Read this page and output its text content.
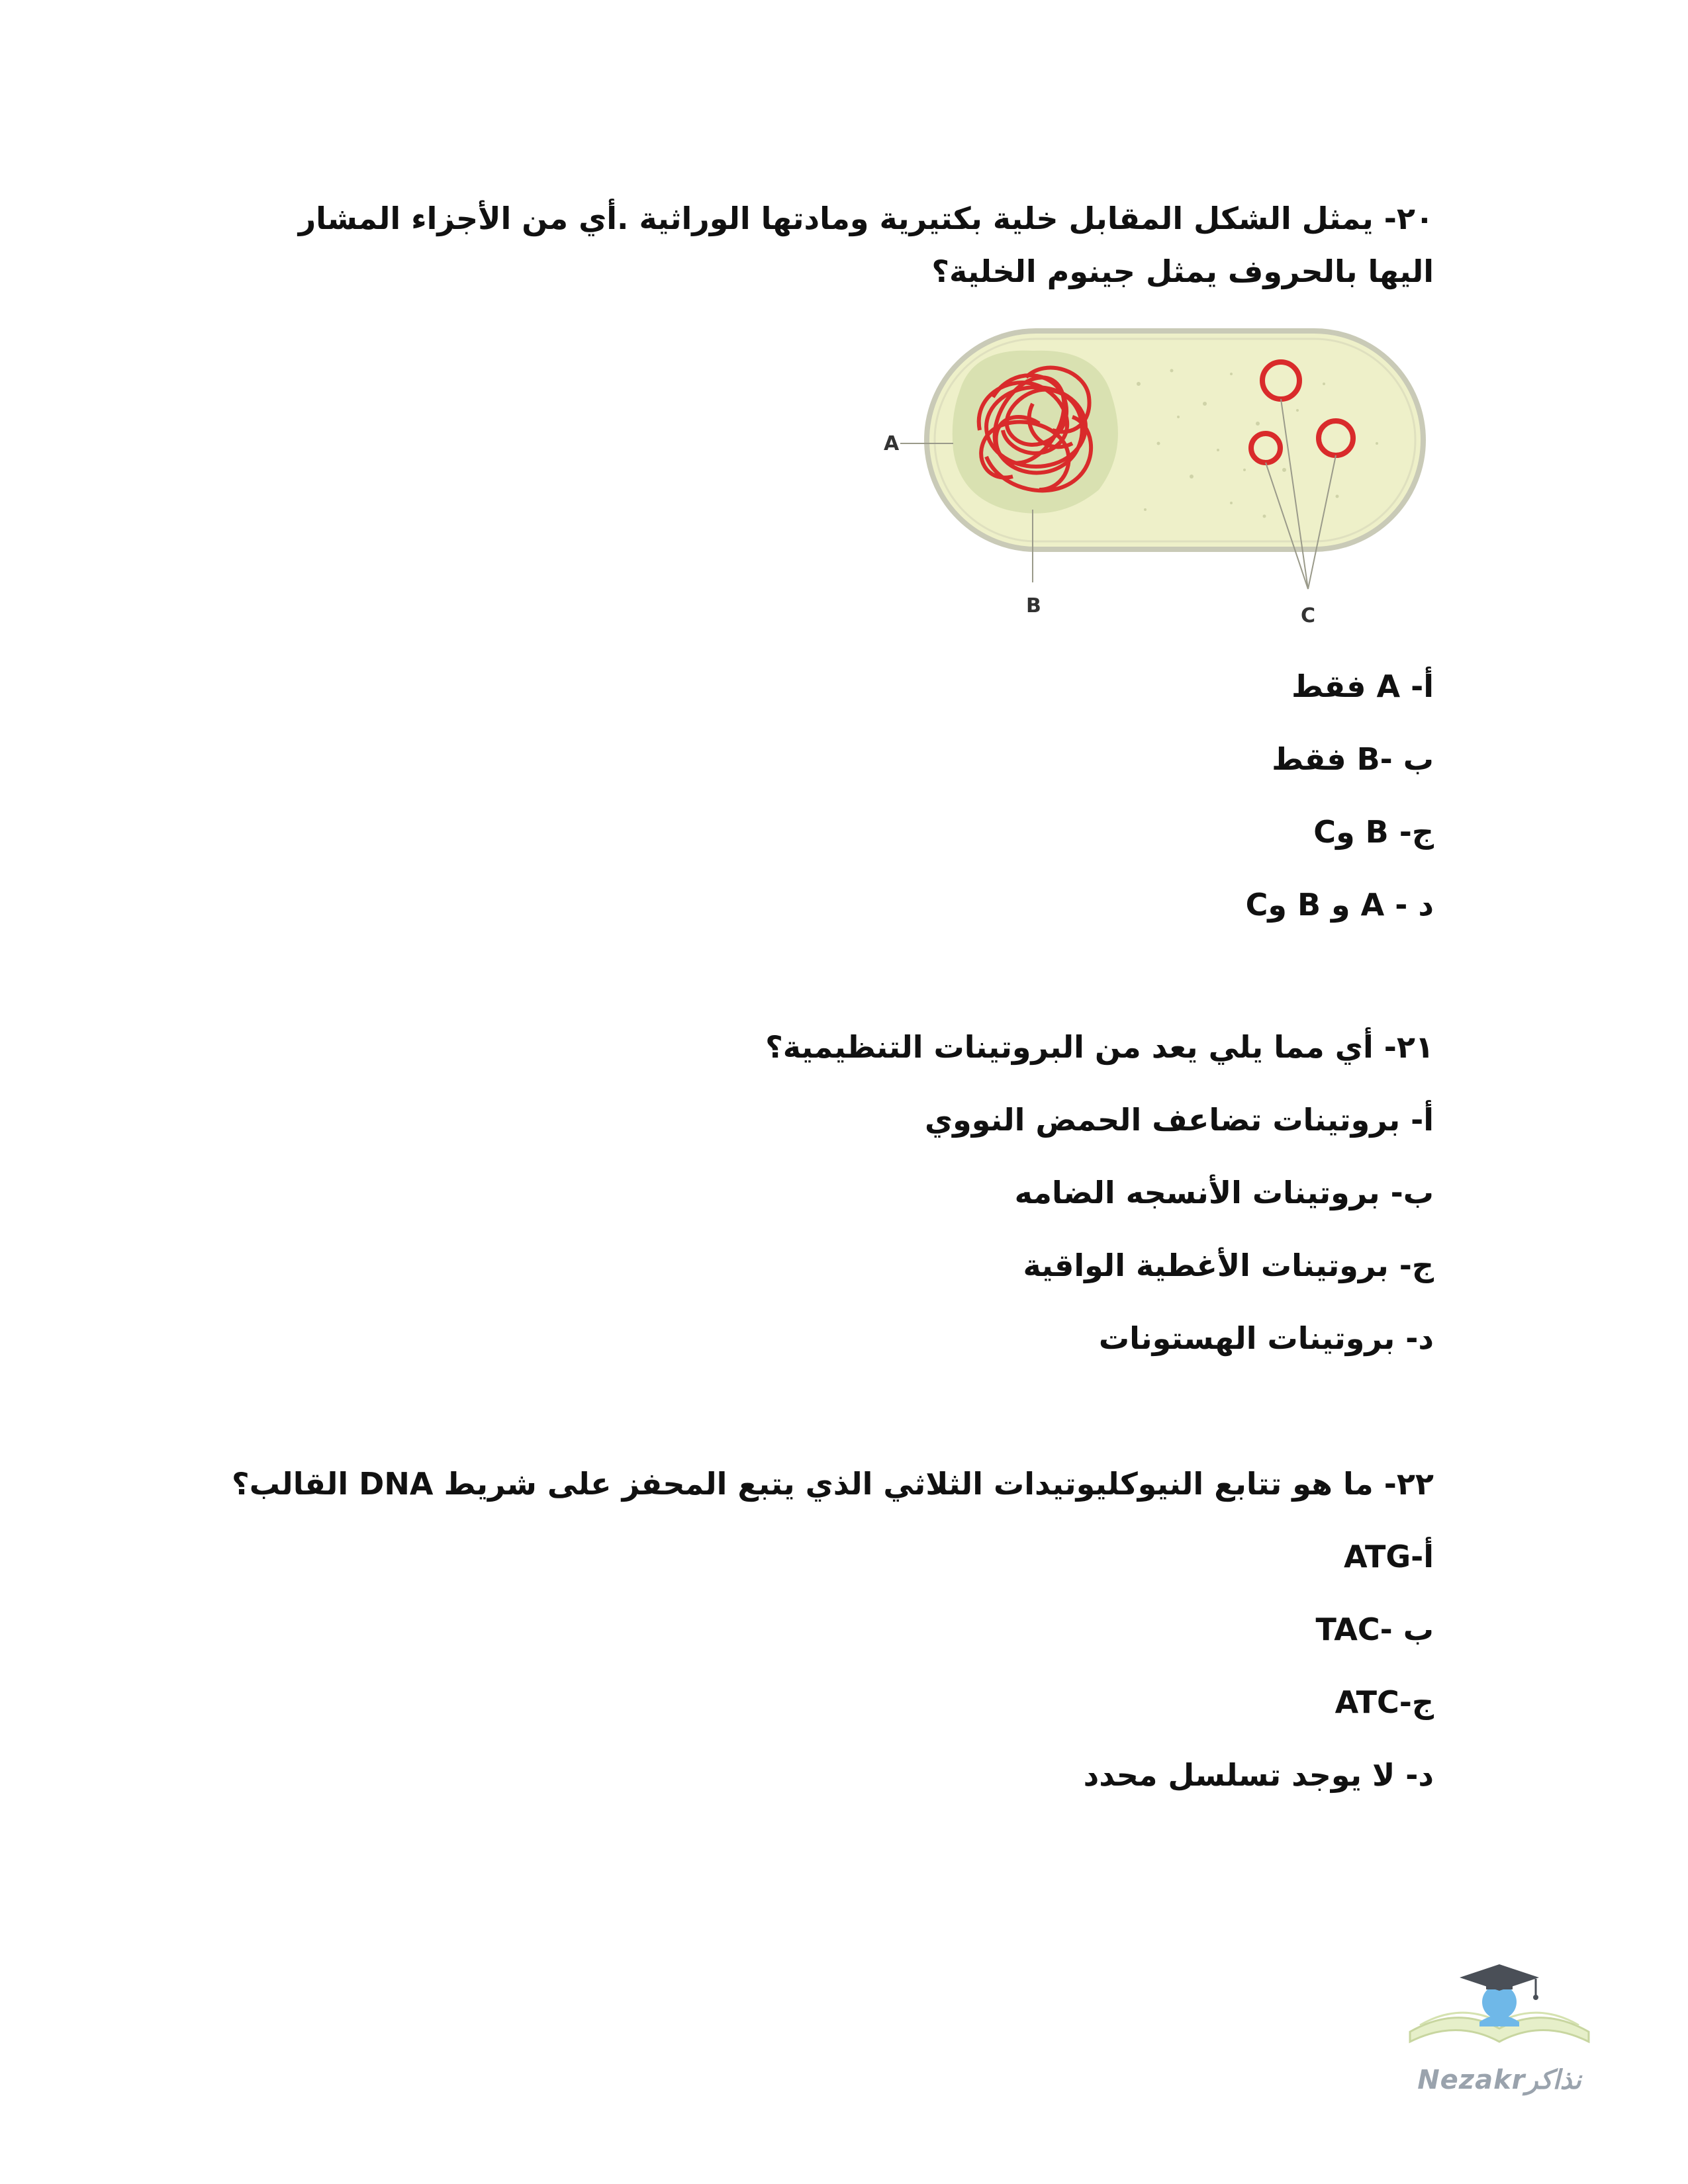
٢٠- يمثل الشكل المقابل خلية بكتيرية ومادتها الوراثية .أي من الأجزاء المشار اليها بالحروف يمثل جينوم الخلية؟
A
B	C
أ- A فقط
ب -B فقط
ج- B وC
د - A و B وC
٢١- أي مما يلي يعد من البروتينات التنظيمية؟
أ- بروتينات تضاعف الحمض النووي
ب- بروتينات الأنسجه الضامه
ج- بروتينات الأغطية الواقية
د- بروتينات الهستونات
٢٢- ما هو تتابع النيوكليوتيدات الثلاثي الذي يتبع المحفز على شريط DNA القالب؟
أ-ATG
ب -TAC
ج-ATC
د- لا يوجد تسلسل محدد
Nezakrنذاكر
